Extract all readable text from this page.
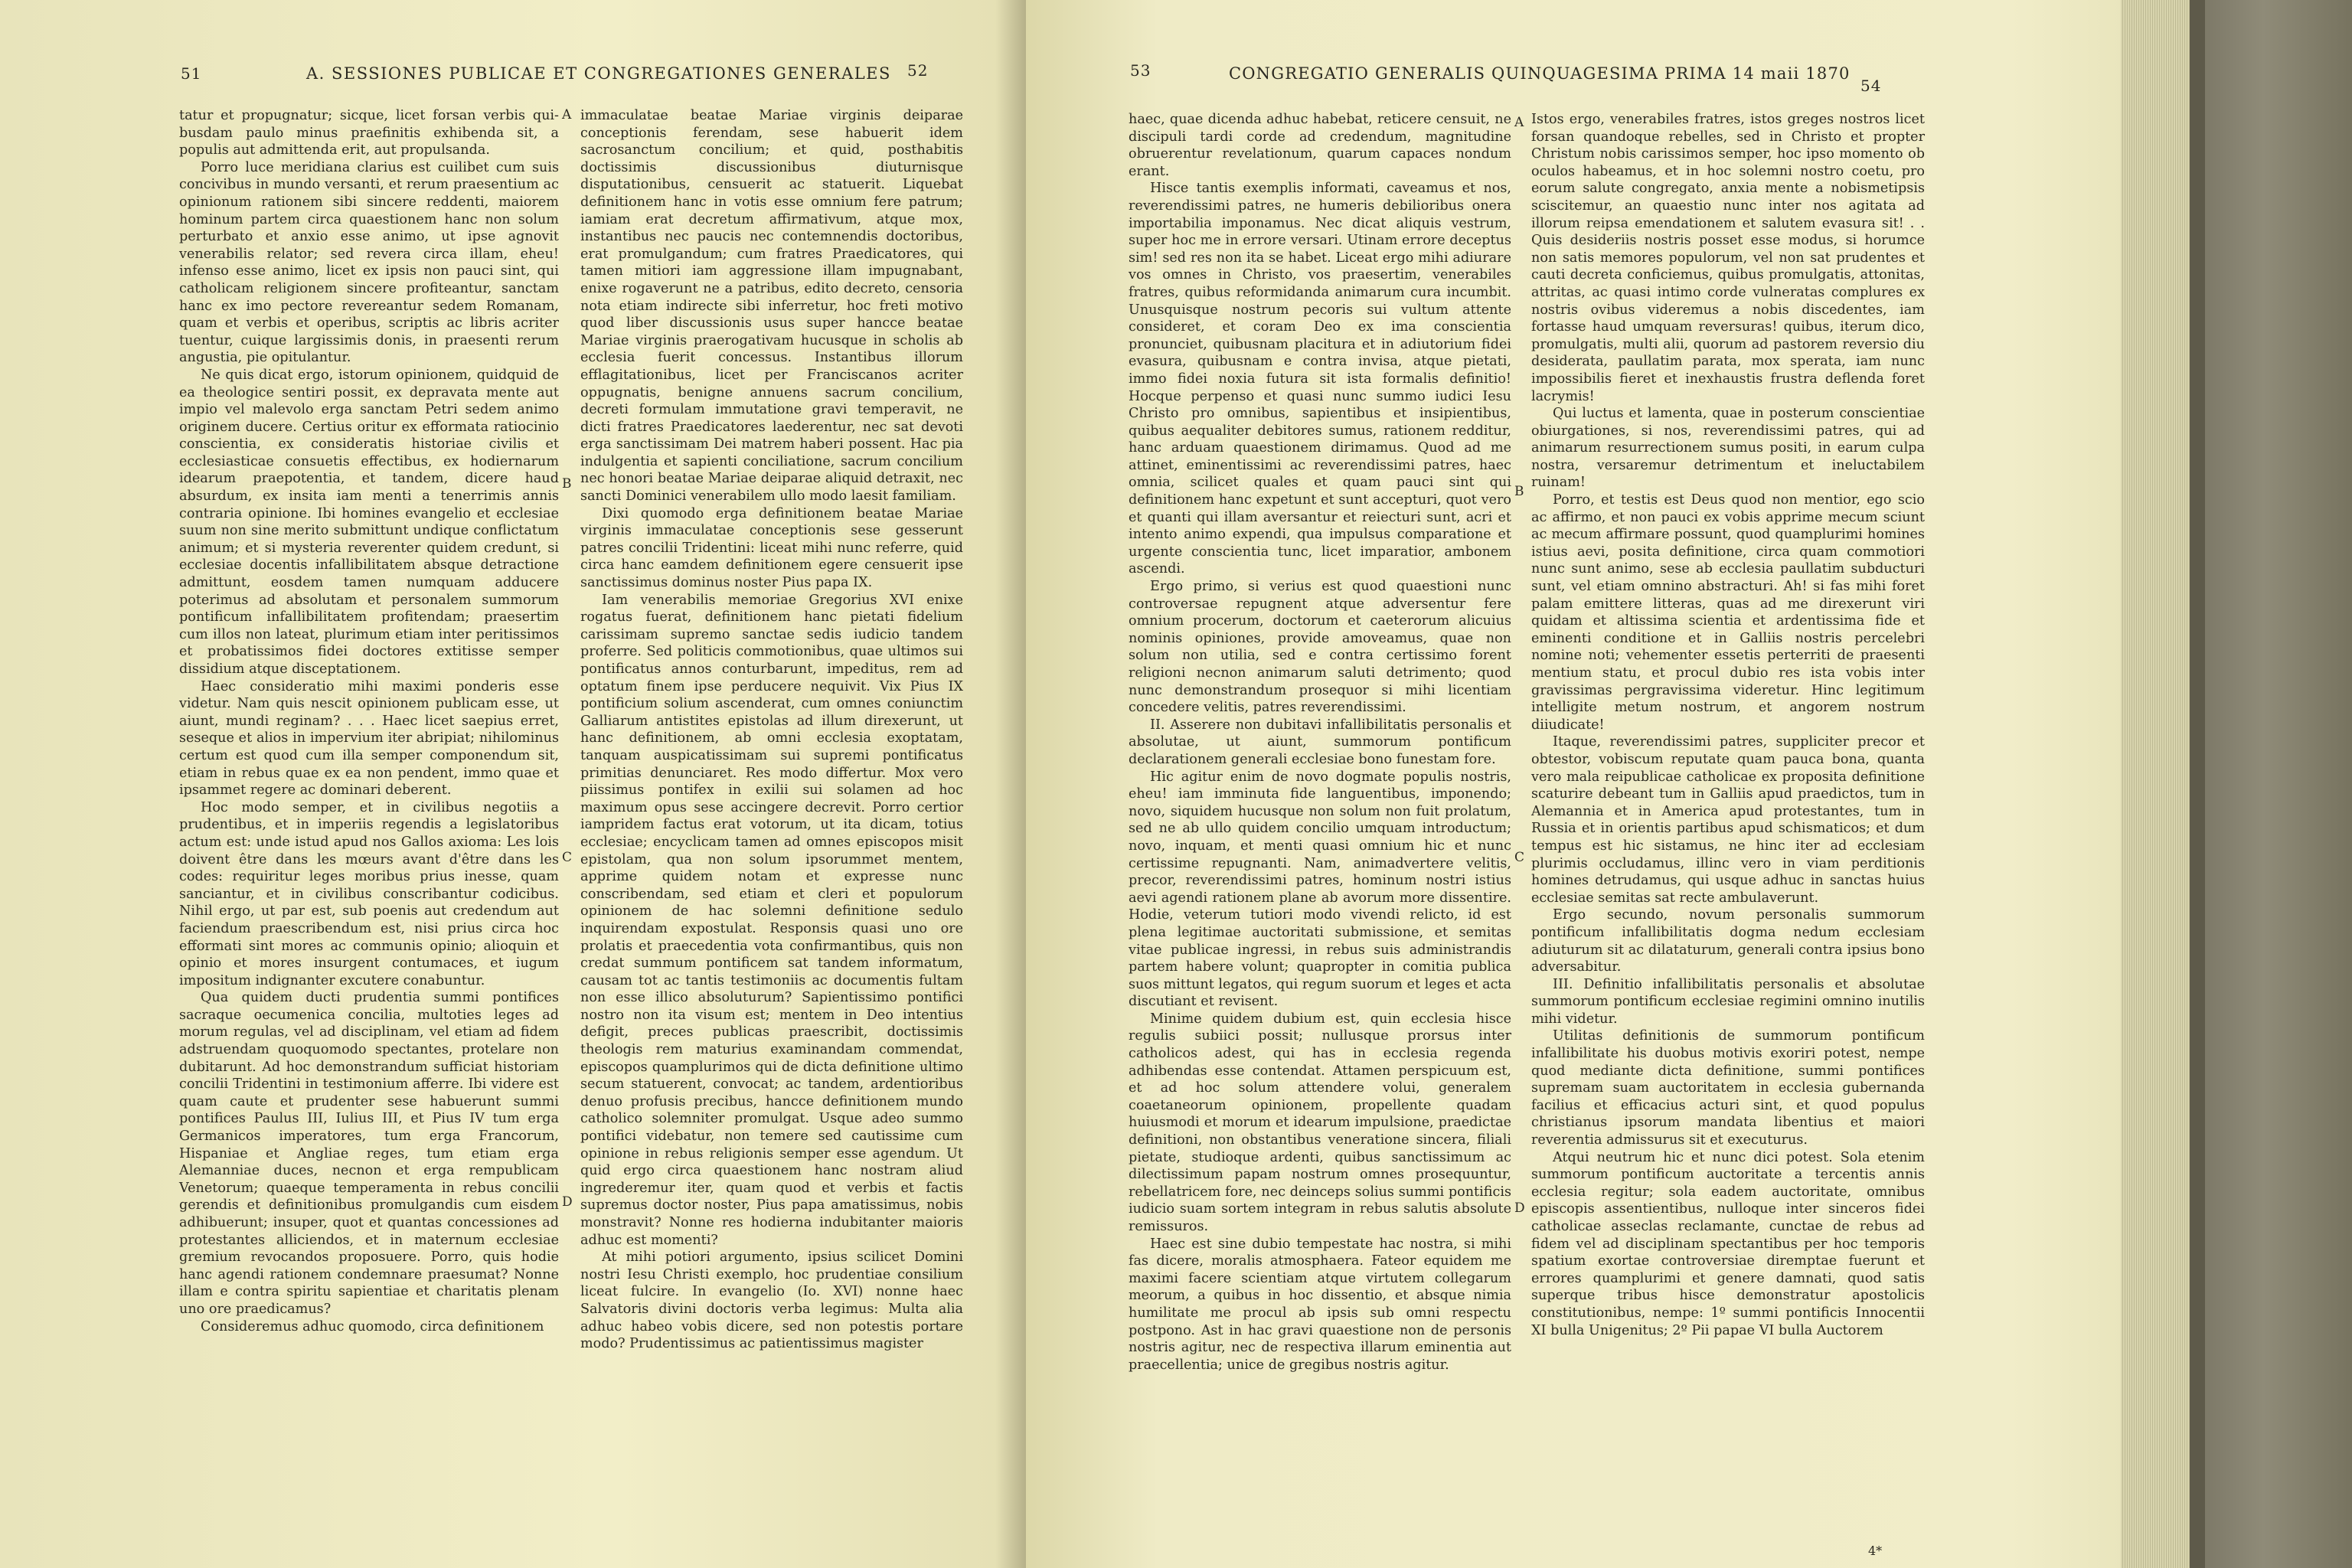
51	A. SESSIONES PUBLICAE ET CONGREGATIONES GENERALES 52

tatur et propugnatur; sicque, licet forsan verbis qui-busdam paulo minus praefinitis exhibenda sit, a populis aut admittenda erit, aut propulsanda.

Porro luce meridiana clarius est cuilibet cum suis concivibus in mundo versanti, et rerum praesentium ac opinionum rationem sibi sincere reddenti, maiorem hominum partem circa quaestionem hanc non solum perturbato et anxio esse animo, ut ipse agnovit venerabilis relator; sed revera circa illam, eheu! infenso esse animo, licet ex ipsis non pauci sint, qui catholicam religionem sincere profiteantur, sanctam hanc ex imo pectore revereantur sedem Romanam, quam et verbis et operibus, scriptis ac libris acriter tuentur, cuique largissimis donis, in praesenti rerum angustia, pie opitulantur.

Ne quis dicat ergo, istorum opinionem, quidquid de ea theologice sentiri possit, ex depravata mente aut impio vel malevolo erga sanctam Petri sedem animo originem ducere. Certius oritur ex efformata ratiocinio conscientia, ex consideratis historiae civilis et ecclesiasticae consuetis effectibus, ex hodiernarum idearum praepotentia, et tandem, dicere haud absurdum, ex insita iam menti a tenerrimis annis contraria opinione. Ibi homines evangelio et ecclesiae suum non sine merito submittunt undique conflictatum animum; et si mysteria reverenter quidem credunt, si ecclesiae docentis infallibilitatem absque detractione admittunt, eosdem tamen numquam adducere poterimus ad absolutam et personalem summorum pontificum infallibilitatem profitendam; praesertim cum illos non lateat, plurimum etiam inter peritissimos et probatissimos fidei doctores extitisse semper dissidium atque disceptationem.

Haec consideratio mihi maximi ponderis esse videtur. Nam quis nescit opinionem publicam esse, ut aiunt, mundi reginam? . . . Haec licet saepius erret, seseque et alios in impervium iter abripiat; nihilominus certum est quod cum illa semper componendum sit, etiam in rebus quae ex ea non pendent, immo quae et ipsammet regere ac dominari deberent.

Hoc modo semper, et in civilibus negotiis a prudentibus, et in imperiis regendis a legislatoribus actum est: unde istud apud nos Gallos axioma: Les lois doivent être dans les mœurs avant d'être dans les codes: requiritur leges moribus prius inesse, quam sanciantur, et in civilibus conscribantur codicibus. Nihil ergo, ut par est, sub poenis aut credendum aut faciendum praescribendum est, nisi prius circa hoc efformati sint mores ac communis opinio; alioquin et opinio et mores insurgent contumaces, et iugum impositum indignanter excutere conabuntur.

Qua quidem ducti prudentia summi pontifices sacraque oecumenica concilia, multoties leges ad morum regulas, vel ad disciplinam, vel etiam ad fidem adstruendam quoquomodo spectantes, protelare non dubitarunt. Ad hoc demonstrandum sufficiat historiam concilii Tridentini in testimonium afferre. Ibi videre est quam caute et prudenter sese habuerunt summi pontifices Paulus III, Iulius III, et Pius IV tum erga Germanicos imperatores, tum erga Francorum, Hispaniae et Angliae reges, tum etiam erga Alemanniae duces, necnon et erga rempublicam Venetorum; quaeque temperamenta in rebus concilii gerendis et definitionibus promulgandis cum eisdem adhibuerunt; insuper, quot et quantas concessiones ad protestantes alliciendos, et in maternum ecclesiae gremium revocandos proposuere. Porro, quis hodie hanc agendi rationem condemnare praesumat? Nonne illam e contra spiritu sapientiae et charitatis plenam uno ore praedicamus?

Consideremus adhuc quomodo, circa definitionem

immaculatae beatae Mariae virginis deiparae conceptionis ferendam, sese habuerit idem sacrosanctum concilium; et quid, posthabitis doctissimis discussionibus diuturnisque disputationibus, censuerit ac statuerit. Liquebat definitionem hanc in votis esse omnium fere patrum; iamiam erat decretum affirmativum, atque mox, instantibus nec paucis nec contemnendis doctoribus, erat promulgandum; cum fratres Praedicatores, qui tamen mitiori iam aggressione illam impugnabant, enixe rogaverunt ne a patribus, edito decreto, censoria nota etiam indirecte sibi inferretur, hoc freti motivo quod liber discussionis usus super hancce beatae Mariae virginis praerogativam hucusque in scholis ab ecclesia fuerit concessus. Instantibus illorum efflagitationibus, licet per Franciscanos acriter oppugnatis, benigne annuens sacrum concilium, decreti formulam immutatione gravi temperavit, ne dicti fratres Praedicatores laederentur, nec sat devoti erga sanctissimam Dei matrem haberi possent. Hac pia indulgentia et sapienti conciliatione, sacrum concilium nec honori beatae Mariae deiparae aliquid detraxit, nec sancti Dominici venerabilem ullo modo laesit familiam.

Dixi quomodo erga definitionem beatae Mariae virginis immaculatae conceptionis sese gesserunt patres concilii Tridentini: liceat mihi nunc referre, quid circa hanc eamdem definitionem egere censuerit ipse sanctissimus dominus noster Pius papa IX.

Iam venerabilis memoriae Gregorius XVI enixe rogatus fuerat, definitionem hanc pietati fidelium carissimam supremo sanctae sedis iudicio tandem proferre. Sed politicis commotionibus, quae ultimos sui pontificatus annos conturbarunt, impeditus, rem ad optatum finem ipse perducere nequivit. Vix Pius IX pontificium solium ascenderat, cum omnes coniunctim Galliarum antistites epistolas ad illum direxerunt, ut hanc definitionem, ab omni ecclesia exoptatam, tanquam auspicatissimam sui supremi pontificatus primitias denunciaret. Res modo differtur. Mox vero piissimus pontifex in exilii sui solamen ad hoc maximum opus sese accingere decrevit. Porro certior iampridem factus erat votorum, ut ita dicam, totius ecclesiae; encyclicam tamen ad omnes episcopos misit epistolam, qua non solum ipsorummet mentem, apprime quidem notam et expresse nunc conscribendam, sed etiam et cleri et populorum opinionem de hac solemni definitione sedulo inquirendam expostulat. Responsis quasi uno ore prolatis et praecedentia vota confirmantibus, quis non credat summum pontificem sat tandem informatum, causam tot ac tantis testimoniis ac documentis fultam non esse illico absoluturum? Sapientissimo pontifici nostro non ita visum est; mentem in Deo intentius defigit, preces publicas praescribit, doctissimis theologis rem maturius examinandam commendat, episcopos quamplurimos qui de dicta definitione ultimo secum statuerent, convocat; ac tandem, ardentioribus denuo profusis precibus, hancce definitionem mundo catholico solemniter promulgat. Usque adeo summo pontifici videbatur, non temere sed cautissime cum opinione in rebus religionis semper esse agendum. Ut quid ergo circa quaestionem hanc nostram aliud ingrederemur iter, quam quod et verbis et factis supremus doctor noster, Pius papa amatissimus, nobis monstravit? Nonne res hodierna indubitanter maioris adhuc est momenti?

At mihi potiori argumento, ipsius scilicet Domini nostri Iesu Christi exemplo, hoc prudentiae consilium liceat fulcire. In evangelio (Io. XVI) nonne haec Salvatoris divini doctoris verba legimus: Multa alia adhuc habeo vobis dicere, sed non potestis portare modo? Prudentissimus ac patientissimus magister

A
B
C
D
53	CONGREGATIO GENERALIS QUINQUAGESIMA PRIMA 14 maii 1870
54

haec, quae dicenda adhuc habebat, reticere censuit, ne discipuli tardi corde ad credendum, magnitudine obruerentur revelationum, quarum capaces nondum erant.

Hisce tantis exemplis informati, caveamus et nos, reverendissimi patres, ne humeris debilioribus onera importabilia imponamus. Nec dicat aliquis vestrum, super hoc me in errore versari. Utinam errore deceptus sim! sed res non ita se habet. Liceat ergo mihi adiurare vos omnes in Christo, vos praesertim, venerabiles fratres, quibus reformidanda animarum cura incumbit. Unusquisque nostrum pecoris sui vultum attente consideret, et coram Deo ex ima conscientia pronunciet, quibusnam placitura et in adiutorium fidei evasura, quibusnam e contra invisa, atque pietati, immo fidei noxia futura sit ista formalis definitio! Hocque perpenso et quasi nunc summo iudici Iesu Christo pro omnibus, sapientibus et insipientibus, quibus aequaliter debitores sumus, rationem redditur, hanc arduam quaestionem dirimamus. Quod ad me attinet, eminentissimi ac reverendissimi patres, haec omnia, scilicet quales et quam pauci sint qui definitionem hanc expetunt et sunt accepturi, quot vero et quanti qui illam aversantur et reiecturi sunt, acri et intento animo expendi, qua impulsus comparatione et urgente conscientia tunc, licet imparatior, ambonem ascendi.

Ergo primo, si verius est quod quaestioni nunc controversae repugnent atque adversentur fere omnium procerum, doctorum et caeterorum alicuius nominis opiniones, provide amoveamus, quae non solum non utilia, sed e contra certissimo forent religioni necnon animarum saluti detrimento; quod nunc demonstrandum prosequor si mihi licentiam concedere velitis, patres reverendissimi.

II. Asserere non dubitavi infallibilitatis personalis et absolutae, ut aiunt, summorum pontificum declarationem generali ecclesiae bono funestam fore.

Hic agitur enim de novo dogmate populis nostris, eheu! iam imminuta fide languentibus, imponendo; novo, siquidem hucusque non solum non fuit prolatum, sed ne ab ullo quidem concilio umquam introductum; novo, inquam, et menti quasi omnium hic et nunc certissime repugnanti. Nam, animadvertere velitis, precor, reverendissimi patres, hominum nostri istius aevi agendi rationem plane ab avorum more dissentire. Hodie, veterum tutiori modo vivendi relicto, id est plena legitimae auctoritati submissione, et semitas vitae publicae ingressi, in rebus suis administrandis partem habere volunt; quapropter in comitia publica suos mittunt legatos, qui regum suorum et leges et acta discutiant et revisent.

Minime quidem dubium est, quin ecclesia hisce regulis subiici possit; nullusque prorsus inter catholicos adest, qui has in ecclesia regenda adhibendas esse contendat. Attamen perspicuum est, et ad hoc solum attendere volui, generalem coaetaneorum opinionem, propellente quadam huiusmodi et morum et idearum impulsione, praedictae definitioni, non obstantibus veneratione sincera, filiali pietate, studioque ardenti, quibus sanctissimum ac dilectissimum papam nostrum omnes prosequuntur, rebellatricem fore, nec deinceps solius summi pontificis iudicio suam sortem integram in rebus salutis absolute remissuros.

Haec est sine dubio tempestate hac nostra, si mihi fas dicere, moralis atmosphaera. Fateor equidem me maximi facere scientiam atque virtutem collegarum meorum, a quibus in hoc dissentio, et absque nimia humilitate me procul ab ipsis sub omni respectu postpono. Ast in hac gravi quaestione non de personis nostris agitur, nec de respectiva illarum eminentia aut praecellentia; unice de gregibus nostris agitur.

Istos ergo, venerabiles fratres, istos greges nostros licet forsan quandoque rebelles, sed in Christo et propter Christum nobis carissimos semper, hoc ipso momento ob oculos habeamus, et in hoc solemni nostro coetu, pro eorum salute congregato, anxia mente a nobismetipsis sciscitemur, an quaestio nunc inter nos agitata ad illorum reipsa emendationem et salutem evasura sit! . . Quis desideriis nostris posset esse modus, si horumce non satis memores populorum, vel non sat prudentes et cauti decreta conficiemus, quibus promulgatis, attonitas, attritas, ac quasi intimo corde vulneratas complures ex nostris ovibus videremus a nobis discedentes, iam fortasse haud umquam reversuras! quibus, iterum dico, promulgatis, multi alii, quorum ad pastorem reversio diu desiderata, paullatim parata, mox sperata, iam nunc impossibilis fieret et inexhaustis frustra deflenda foret lacrymis!

Qui luctus et lamenta, quae in posterum conscientiae obiurgationes, si nos, reverendissimi patres, qui ad animarum resurrectionem sumus positi, in earum culpa nostra, versaremur detrimentum et ineluctabilem ruinam!

Porro, et testis est Deus quod non mentior, ego scio ac affirmo, et non pauci ex vobis apprime mecum sciunt ac mecum affirmare possunt, quod quamplurimi homines istius aevi, posita definitione, circa quam commotiori nunc sunt animo, sese ab ecclesia paullatim subducturi sunt, vel etiam omnino abstracturi. Ah! si fas mihi foret palam emittere litteras, quas ad me direxerunt viri quidam et altissima scientia et ardentissima fide et eminenti conditione et in Galliis nostris percelebri nomine noti; vehementer essetis perterriti de praesenti mentium statu, et procul dubio res ista vobis inter gravissimas pergravissima videretur. Hinc legitimum intelligite metum nostrum, et angorem nostrum diiudicate!

Itaque, reverendissimi patres, suppliciter precor et obtestor, vobiscum reputate quam pauca bona, quanta vero mala reipublicae catholicae ex proposita definitione scaturire debeant tum in Galliis apud praedictos, tum in Alemannia et in America apud protestantes, tum in Russia et in orientis partibus apud schismaticos; et dum tempus est hic sistamus, ne hinc iter ad ecclesiam plurimis occludamus, illinc vero in viam perditionis homines detrudamus, qui usque adhuc in sanctas huius ecclesiae semitas sat recte ambulaverunt.

Ergo secundo, novum personalis summorum pontificum infallibilitatis dogma nedum ecclesiam adiuturum sit ac dilataturum, generali contra ipsius bono adversabitur.

III. Definitio infallibilitatis personalis et absolutae summorum pontificum ecclesiae regimini omnino inutilis mihi videtur.

Utilitas definitionis de summorum pontificum infallibilitate his duobus motivis exoriri potest, nempe quod mediante dicta definitione, summi pontifices supremam suam auctoritatem in ecclesia gubernanda facilius et efficacius acturi sint, et quod populus christianus ipsorum mandata libentius et maiori reverentia admissurus sit et executurus.

Atqui neutrum hic et nunc dici potest. Sola etenim summorum pontificum auctoritate a tercentis annis ecclesia regitur; sola eadem auctoritate, omnibus episcopis assentientibus, nulloque inter sinceros fidei catholicae asseclas reclamante, cunctae de rebus ad fidem vel ad disciplinam spectantibus per hoc temporis spatium exortae controversiae diremptae fuerunt et errores quamplurimi et genere damnati, quod satis superque tribus hisce demonstratur apostolicis constitutionibus, nempe: 1º summi pontificis Innocentii XI bulla Unigenitus; 2º Pii papae VI bulla Auctorem

A
B
C
D
4*
